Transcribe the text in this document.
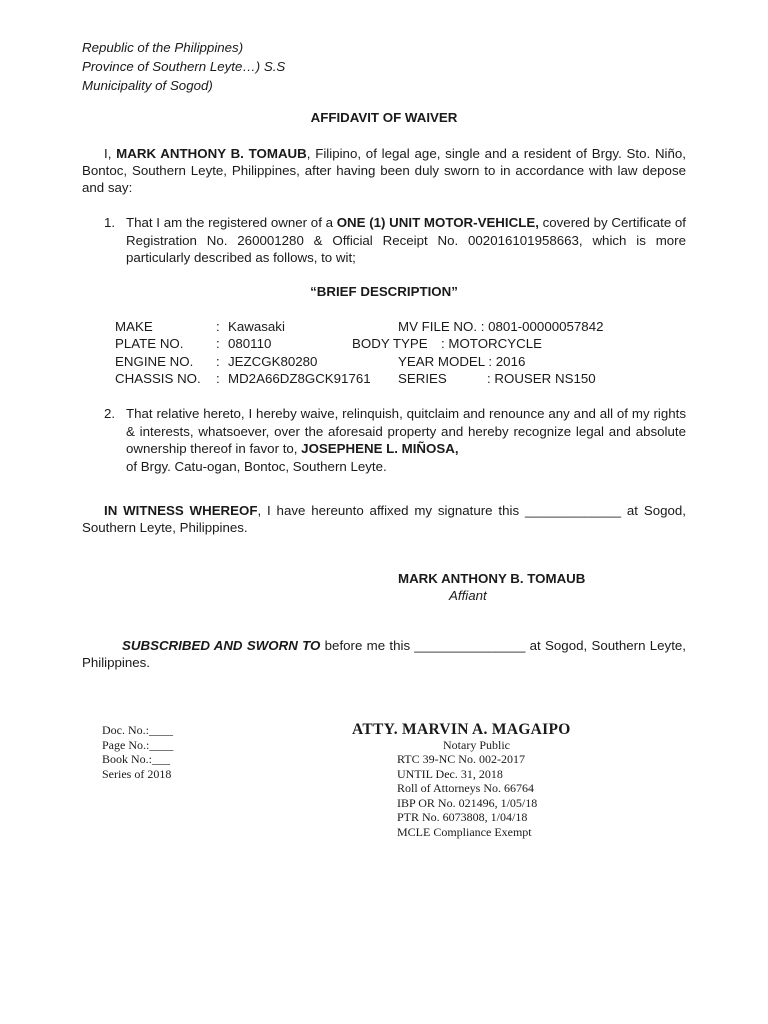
Republic of the Philippines)
Province of Southern Leyte…) S.S
Municipality of Sogod)
AFFIDAVIT OF WAIVER
I, MARK ANTHONY B. TOMAUB, Filipino, of legal age, single and a resident of Brgy. Sto. Niño, Bontoc, Southern Leyte, Philippines, after having been duly sworn to in accordance with law depose and say:
1. That I am the registered owner of a ONE (1) UNIT MOTOR-VEHICLE, covered by Certificate of Registration No. 260001280 & Official Receipt No. 002016101958663, which is more particularly described as follows, to wit;
“BRIEF DESCRIPTION”
MAKE	: Kawasaki	MV FILE NO. : 0801-00000057842
PLATE NO. : 080110	BODY TYPE : MOTORCYCLE
ENGINE NO. : JEZCGK80280	YEAR MODEL : 2016
CHASSIS NO. : MD2A66DZ8GCK91761 SERIES	: ROUSER NS150
2. That relative hereto, I hereby waive, relinquish, quitclaim and renounce any and all of my rights & interests, whatsoever, over the aforesaid property and hereby recognize legal and absolute ownership thereof in favor to, JOSEPHENE L. MIÑOSA,
of Brgy. Catu-ogan, Bontoc, Southern Leyte.
IN WITNESS WHEREOF, I have hereunto affixed my signature this _____________ at Sogod, Southern Leyte, Philippines.
MARK ANTHONY B. TOMAUB
Affiant
SUBSCRIBED AND SWORN TO before me this _______________ at Sogod, Southern Leyte, Philippines.
Doc. No.:____
Page No.:____
Book No.:___
Series of 2018
ATTY. MARVIN A. MAGAIPO
Notary Public
RTC 39-NC No. 002-2017
UNTIL Dec. 31, 2018
Roll of Attorneys No. 66764
IBP OR No. 021496, 1/05/18
PTR No. 6073808, 1/04/18
MCLE Compliance Exempt
